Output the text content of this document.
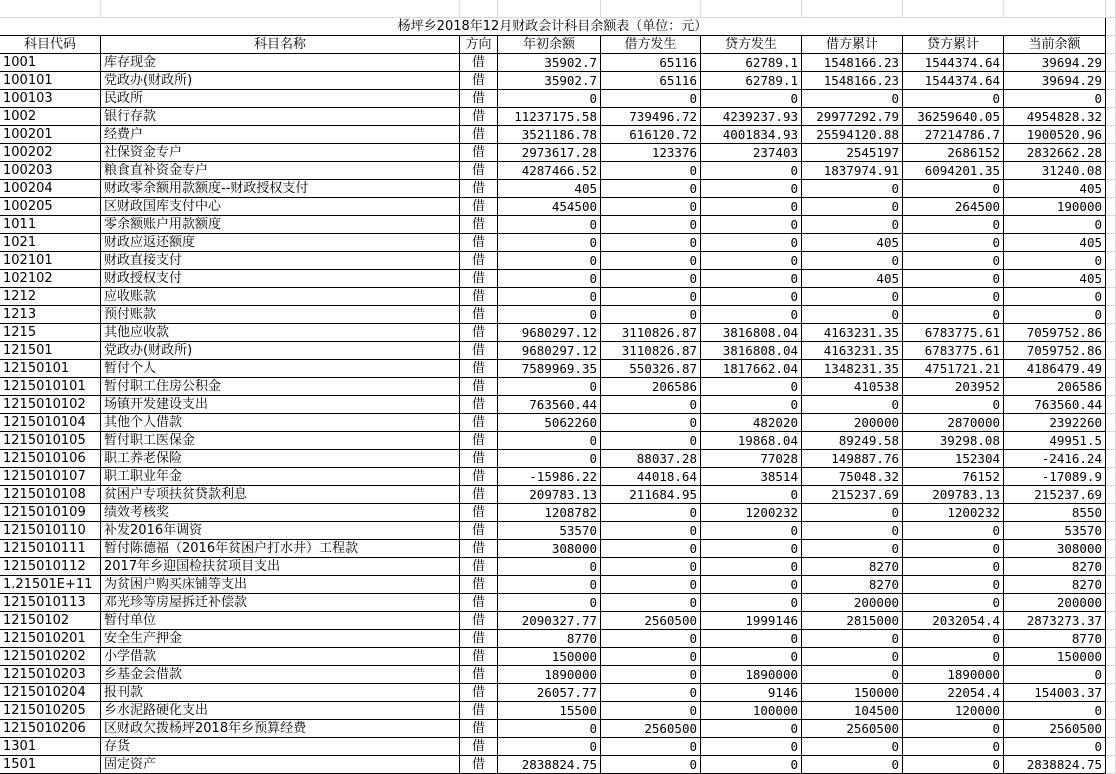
杨坪乡2018年12月财政会计科目余额表（单位：元）
科目代码	科目名称	方向	年初余额	借方发生	贷方发生	借方累计	贷方累计	当前余额
1001	库存现金	借	35902.7	65116	62789.1	1548166.23	1544374.64	39694.29
100101	党政办(财政所)	借	35902.7	65116	62789.1	1548166.23	1544374.64	39694.29
100103	民政所	借	0	0	0	0	0	0
1002	银行存款	借	11237175.58	739496.72	4239237.93	29977292.79	36259640.05	4954828.32
100201	经费户	借	3521186.78	616120.72	4001834.93	25594120.88	27214786.7	1900520.96
100202	社保资金专户	借	2973617.28	123376	237403	2545197	2686152	2832662.28
100203	粮食直补资金专户	借	4287466.52	0	0	1837974.91	6094201.35	31240.08
100204	财政零余额用款额度--财政授权支付	借	405	0	0	0	0	405
100205	区财政国库支付中心	借	454500	0	0	0	264500	190000
1011	零余额账户用款额度	借	0	0	0	0	0	0
1021	财政应返还额度	借	0	0	0	405	0	405
102101	财政直接支付	借	0	0	0	0	0	0
102102	财政授权支付	借	0	0	0	405	0	405
1212	应收账款	借	0	0	0	0	0	0
1213	预付账款	借	0	0	0	0	0	0
1215	其他应收款	借	9680297.12	3110826.87	3816808.04	4163231.35	6783775.61	7059752.86
121501	党政办(财政所)	借	9680297.12	3110826.87	3816808.04	4163231.35	6783775.61	7059752.86
12150101	暂付个人	借	7589969.35	550326.87	1817662.04	1348231.35	4751721.21	4186479.49
1215010101	暂付职工住房公积金	借	0	206586	0	410538	203952	206586
1215010102	场镇开发建设支出	借	763560.44	0	0	0	0	763560.44
1215010104	其他个人借款	借	5062260	0	482020	200000	2870000	2392260
1215010105	暂付职工医保金	借	0	0	19868.04	89249.58	39298.08	49951.5
1215010106	职工养老保险	借	0	88037.28	77028	149887.76	152304	-2416.24
1215010107	职工职业年金	借	-15986.22	44018.64	38514	75048.32	76152	-17089.9
1215010108	贫困户专项扶贫贷款利息	借	209783.13	211684.95	0	215237.69	209783.13	215237.69
1215010109	绩效考核奖	借	1208782	0	1200232	0	1200232	8550
1215010110	补发2016年调资	借	53570	0	0	0	0	53570
1215010111	暂付陈德福（2016年贫困户打水井）工程款	借	308000	0	0	0	0	308000
1215010112	2017年乡迎国检扶贫项目支出	借	0	0	0	8270	0	8270
1.21501E+11 为贫困户购买床铺等支出	借	0	0	0	8270	0	8270
1215010113	邓光珍等房屋拆迁补偿款	借	0	0	0	200000	0	200000
12150102	暂付单位	借	2090327.77	2560500	1999146	2815000	2032054.4	2873273.37
1215010201	安全生产押金	借	8770	0	0	0	0	8770
1215010202	小学借款	借	150000	0	0	0	0	150000
1215010203	乡基金会借款	借	1890000	0	1890000	0	1890000	0
1215010204	报刊款	借	26057.77	0	9146	150000	22054.4	154003.37
1215010205	乡水泥路硬化支出	借	15500	0	100000	104500	120000	0
1215010206	区财政欠拨杨坪2018年乡预算经费	借	0	2560500	0	2560500	0	2560500
1301	存货	借	0	0	0	0	0	0
1501	固定资产	借	2838824.75	0	0	0	0	2838824.75
